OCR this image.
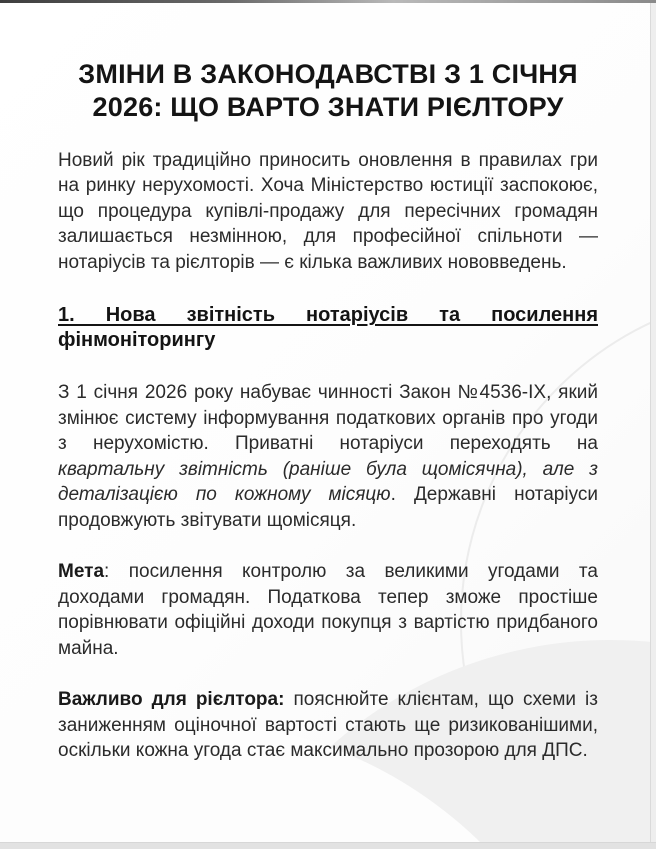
ЗМІНИ В ЗАКОНОДАВСТВІ З 1 СІЧНЯ
2026: ЩО ВАРТО ЗНАТИ РІЄЛТОРУ

Новий рік традиційно приносить оновлення в правилах гри на ринку нерухомості. Хоча Міністерство юстиції заспокоює, що процедура купівлі-продажу для пересічних громадян залишається незмінною, для професійної спільноти — нотаріусів та рієлторів — є кілька важливих нововведень.

1. Нова звітність нотаріусів та посилення фінмоніторингу

З 1 січня 2026 року набуває чинності Закон №4536-IX, який змінює систему інформування податкових органів про угоди з нерухомістю. Приватні нотаріуси переходять на квартальну звітність (раніше була щомісячна), але з деталізацією по кожному місяцю. Державні нотаріуси продовжують звітувати щомісяця.

Мета: посилення контролю за великими угодами та доходами громадян. Податкова тепер зможе простіше порівнювати офіційні доходи покупця з вартістю придбаного майна.

Важливо для рієлтора: пояснюйте клієнтам, що схеми із заниженням оціночної вартості стають ще ризикованішими, оскільки кожна угода стає максимально прозорою для ДПС.
